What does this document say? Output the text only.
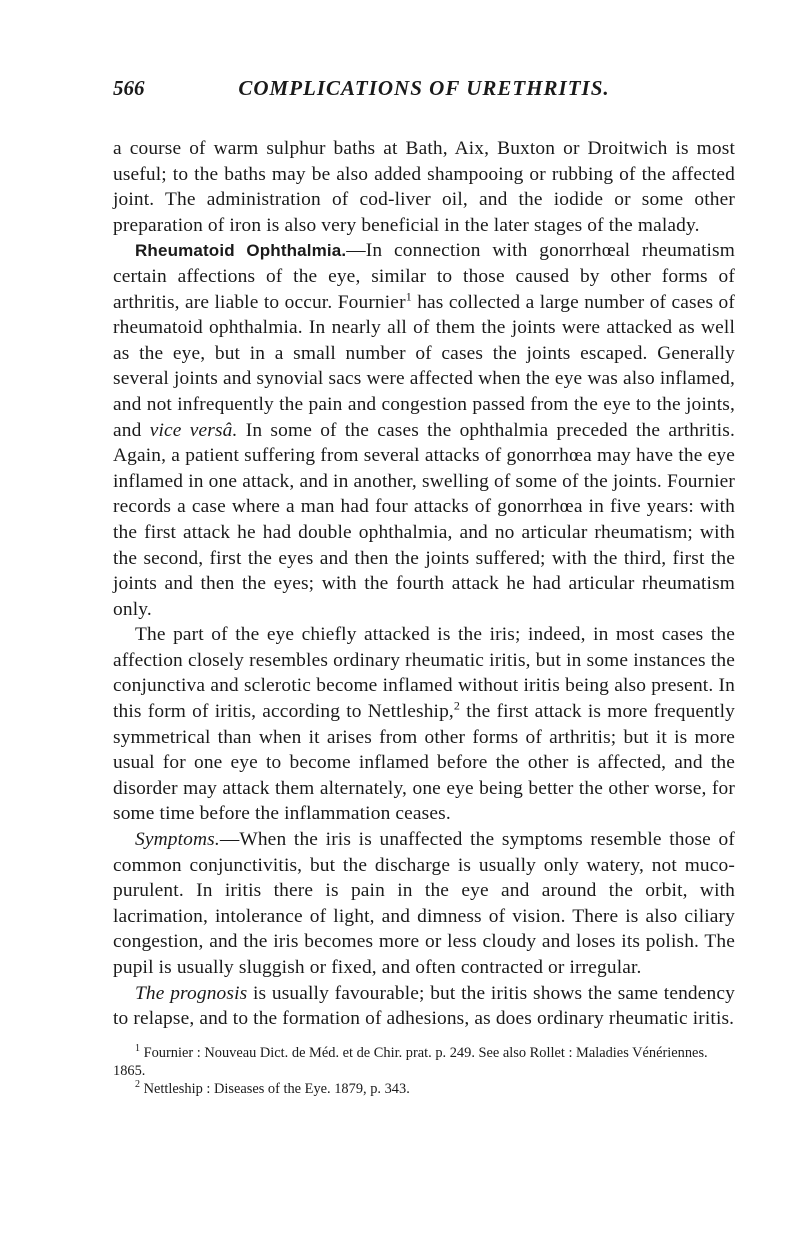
566	COMPLICATIONS OF URETHRITIS.

a course of warm sulphur baths at Bath, Aix, Buxton or Droitwich is most useful; to the baths may be also added shampooing or rubbing of the affected joint. The administration of cod-liver oil, and the iodide or some other preparation of iron is also very beneficial in the later stages of the malady.

Rheumatoid Ophthalmia.—In connection with gonorrhœal rheumatism certain affections of the eye, similar to those caused by other forms of arthritis, are liable to occur. Fournier$^1$ has collected a large number of cases of rheumatoid ophthalmia. In nearly all of them the joints were attacked as well as the eye, but in a small number of cases the joints escaped. Generally several joints and synovial sacs were affected when the eye was also inflamed, and not infrequently the pain and congestion passed from the eye to the joints, and vice versâ. In some of the cases the ophthalmia preceded the arthritis. Again, a patient suffering from several attacks of gonorrhœa may have the eye inflamed in one attack, and in another, swelling of some of the joints. Fournier records a case where a man had four attacks of gonorrhœa in five years: with the first attack he had double ophthalmia, and no articular rheumatism; with the second, first the eyes and then the joints suffered; with the third, first the joints and then the eyes; with the fourth attack he had articular rheumatism only.

The part of the eye chiefly attacked is the iris; indeed, in most cases the affection closely resembles ordinary rheumatic iritis, but in some instances the conjunctiva and sclerotic become inflamed without iritis being also present. In this form of iritis, according to Nettleship,$^2$ the first attack is more frequently symmetrical than when it arises from other forms of arthritis; but it is more usual for one eye to become inflamed before the other is affected, and the disorder may attack them alternately, one eye being better the other worse, for some time before the inflammation ceases.

Symptoms.—When the iris is unaffected the symptoms resemble those of common conjunctivitis, but the discharge is usually only watery, not muco-purulent. In iritis there is pain in the eye and around the orbit, with lacrimation, intolerance of light, and dimness of vision. There is also ciliary congestion, and the iris becomes more or less cloudy and loses its polish. The pupil is usually sluggish or fixed, and often contracted or irregular.

The prognosis is usually favourable; but the iritis shows the same tendency to relapse, and to the formation of adhesions, as does ordinary rheumatic iritis.

$^1$ Fournier : Nouveau Dict. de Méd. et de Chir. prat. p. 249. See also Rollet : Maladies Vénériennes. 1865.

$^2$ Nettleship : Diseases of the Eye. 1879, p. 343.
